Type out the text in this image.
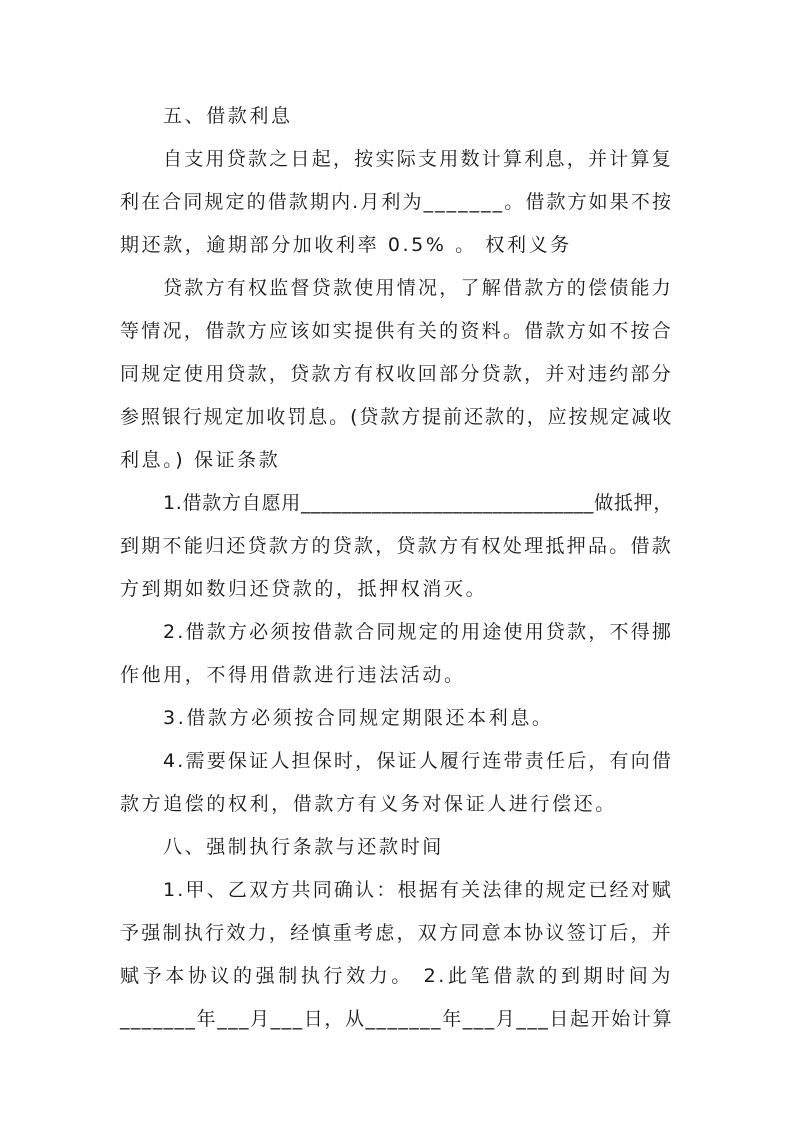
五、借款利息
自支用贷款之日起，按实际支用数计算利息，并计算复
利在合同规定的借款期内.月利为_______。借款方如果不按
期还款，逾期部分加收利率 0.5% 。 权利义务
贷款方有权监督贷款使用情况，了解借款方的偿债能力
等情况，借款方应该如实提供有关的资料。借款方如不按合
同规定使用贷款，贷款方有权收回部分贷款，并对违约部分
参照银行规定加收罚息。(贷款方提前还款的，应按规定减收
利息。) 保证条款
1.借款方自愿用_____________________________做抵押，
到期不能归还贷款方的贷款，贷款方有权处理抵押品。借款
方到期如数归还贷款的，抵押权消灭。
2.借款方必须按借款合同规定的用途使用贷款，不得挪
作他用，不得用借款进行违法活动。
3.借款方必须按合同规定期限还本利息。
4.需要保证人担保时，保证人履行连带责任后，有向借
款方追偿的权利，借款方有义务对保证人进行偿还。
八、强制执行条款与还款时间
1.甲、乙双方共同确认：根据有关法律的规定已经对赋
予强制执行效力，经慎重考虑，双方同意本协议签订后，并
赋予本协议的强制执行效力。 2.此笔借款的到期时间为
_______年___月___日，从_______年___月___日起开始计算
